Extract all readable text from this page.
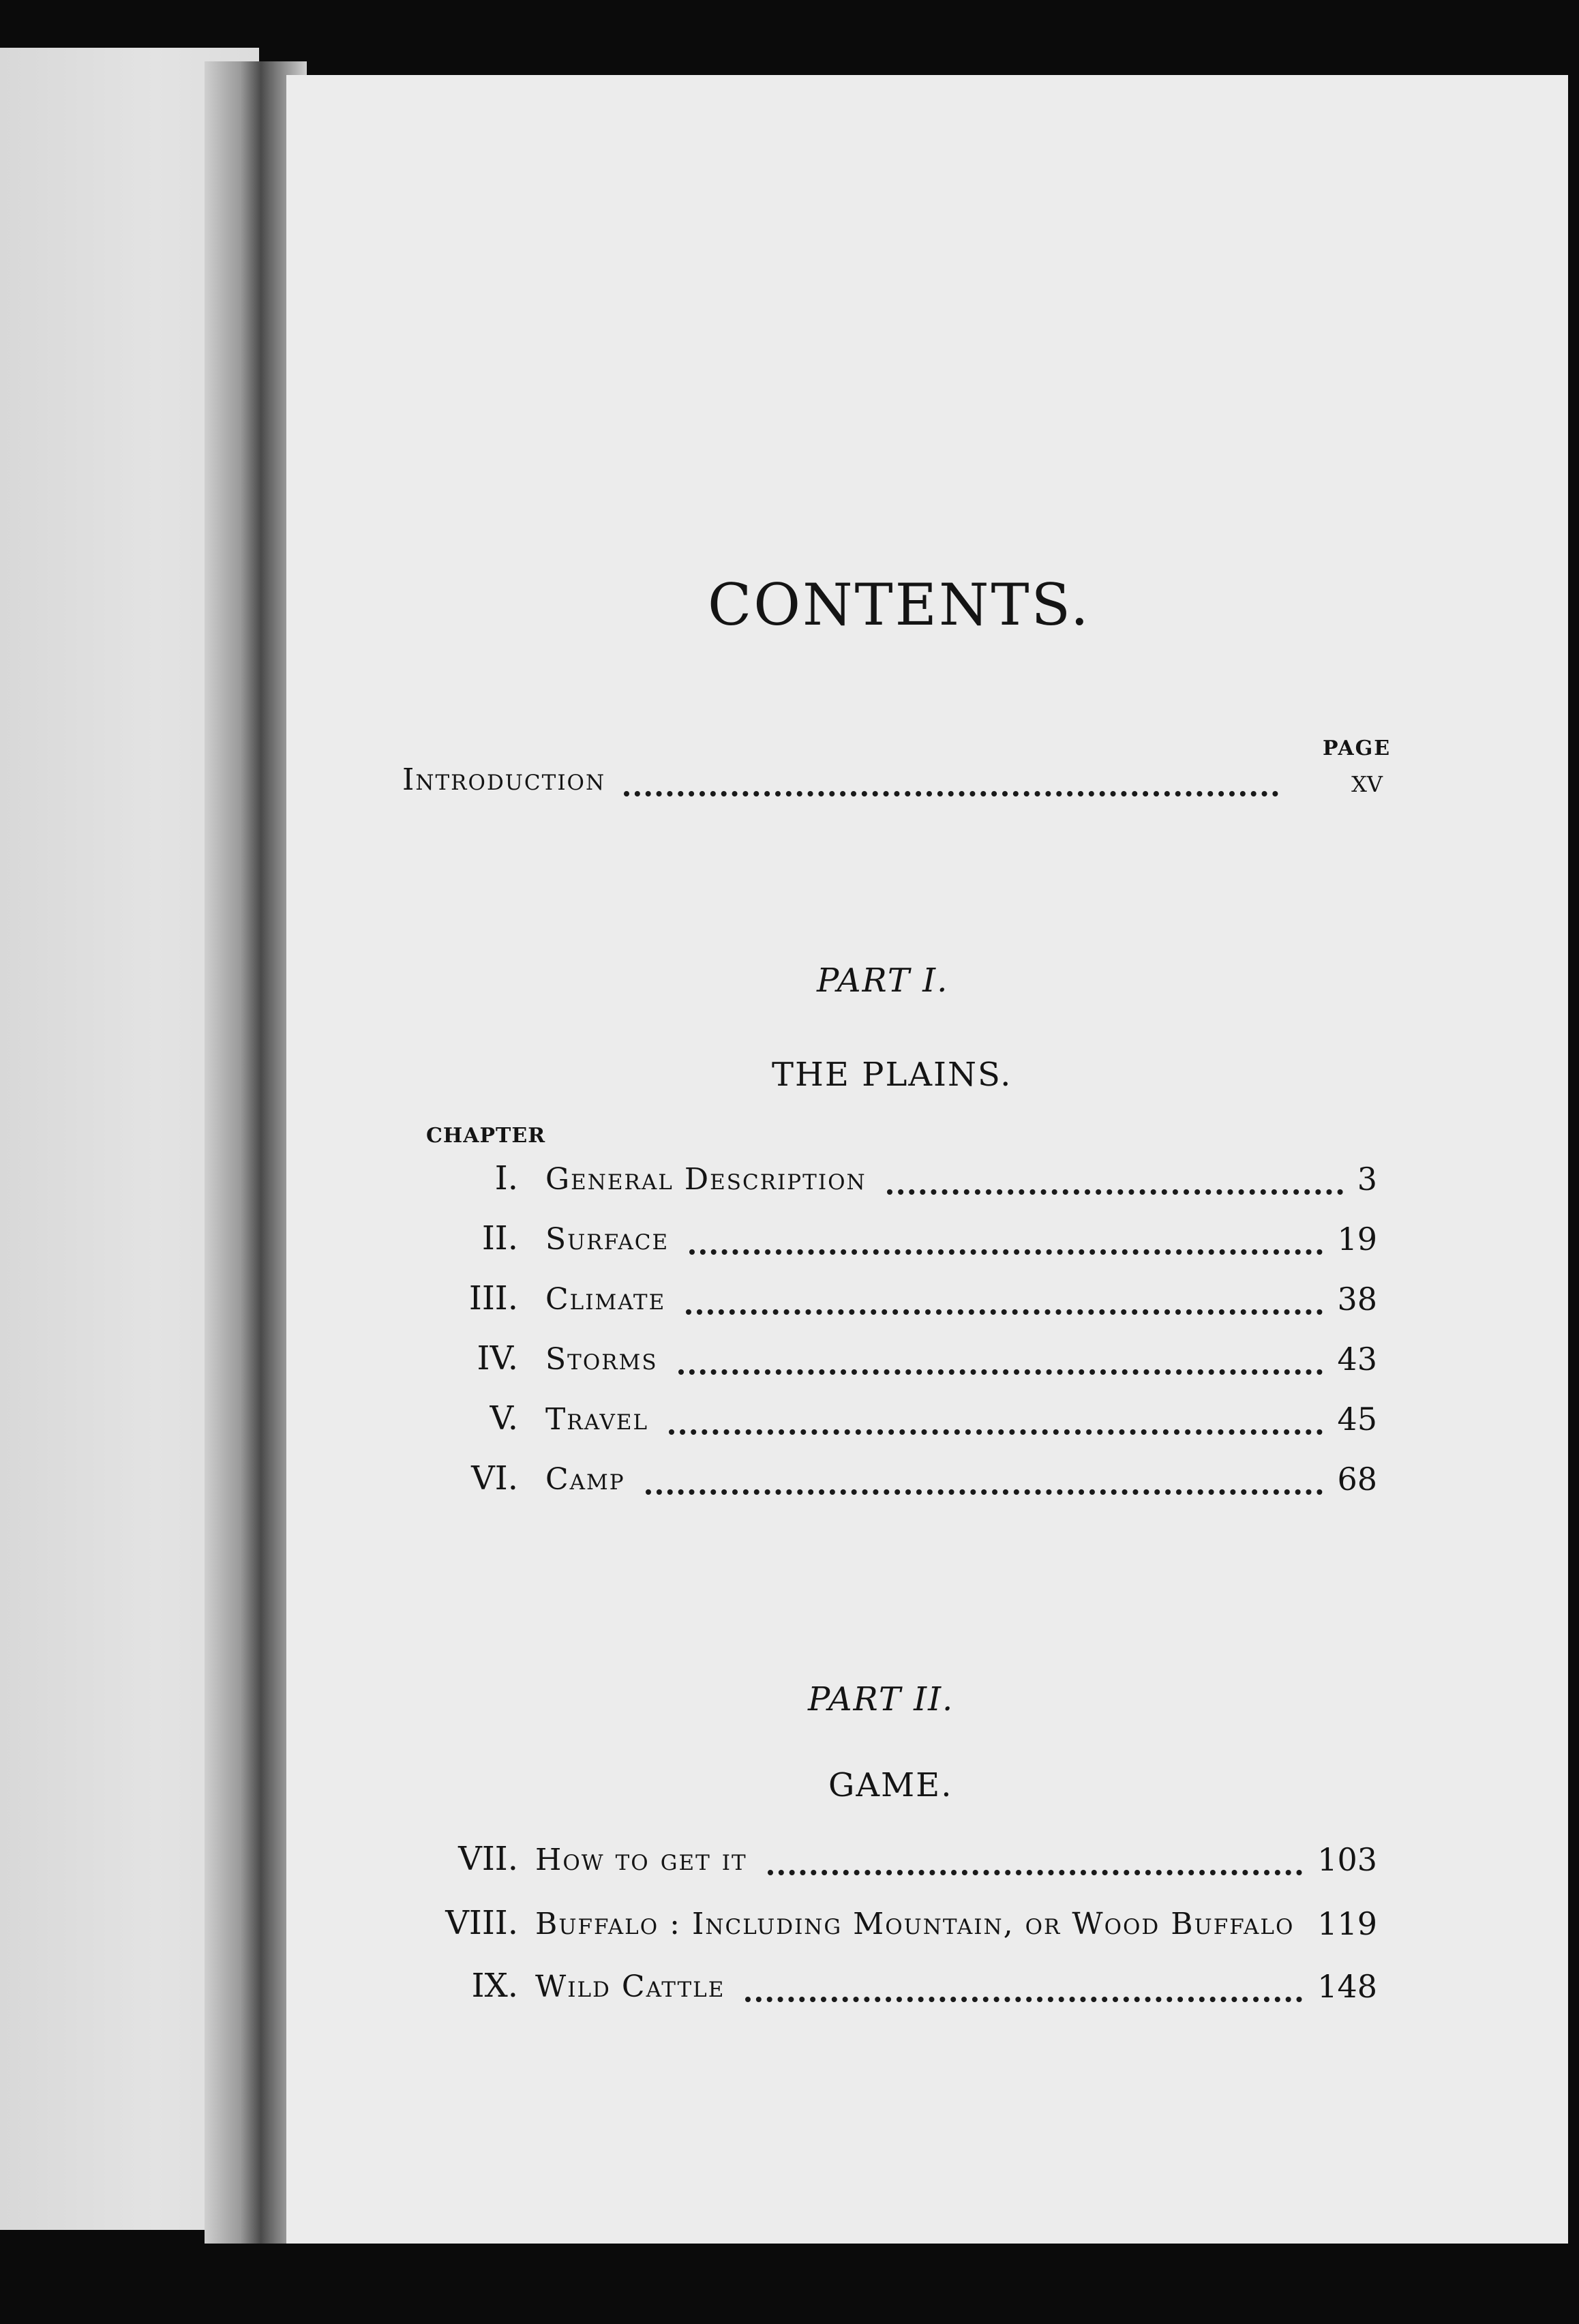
CONTENTS.
PAGE
Introduction	xv
PART I.
THE PLAINS.
CHAPTER
I. General Description	3
II. Surface	19
III. Climate	38
IV. Storms	43
V. Travel	45
VI. Camp	68
VII. How to get it	103
VIII. Buffalo : Including Mountain, or Wood Buffalo 119
IX. Wild Cattle	148
PART II.
GAME.
